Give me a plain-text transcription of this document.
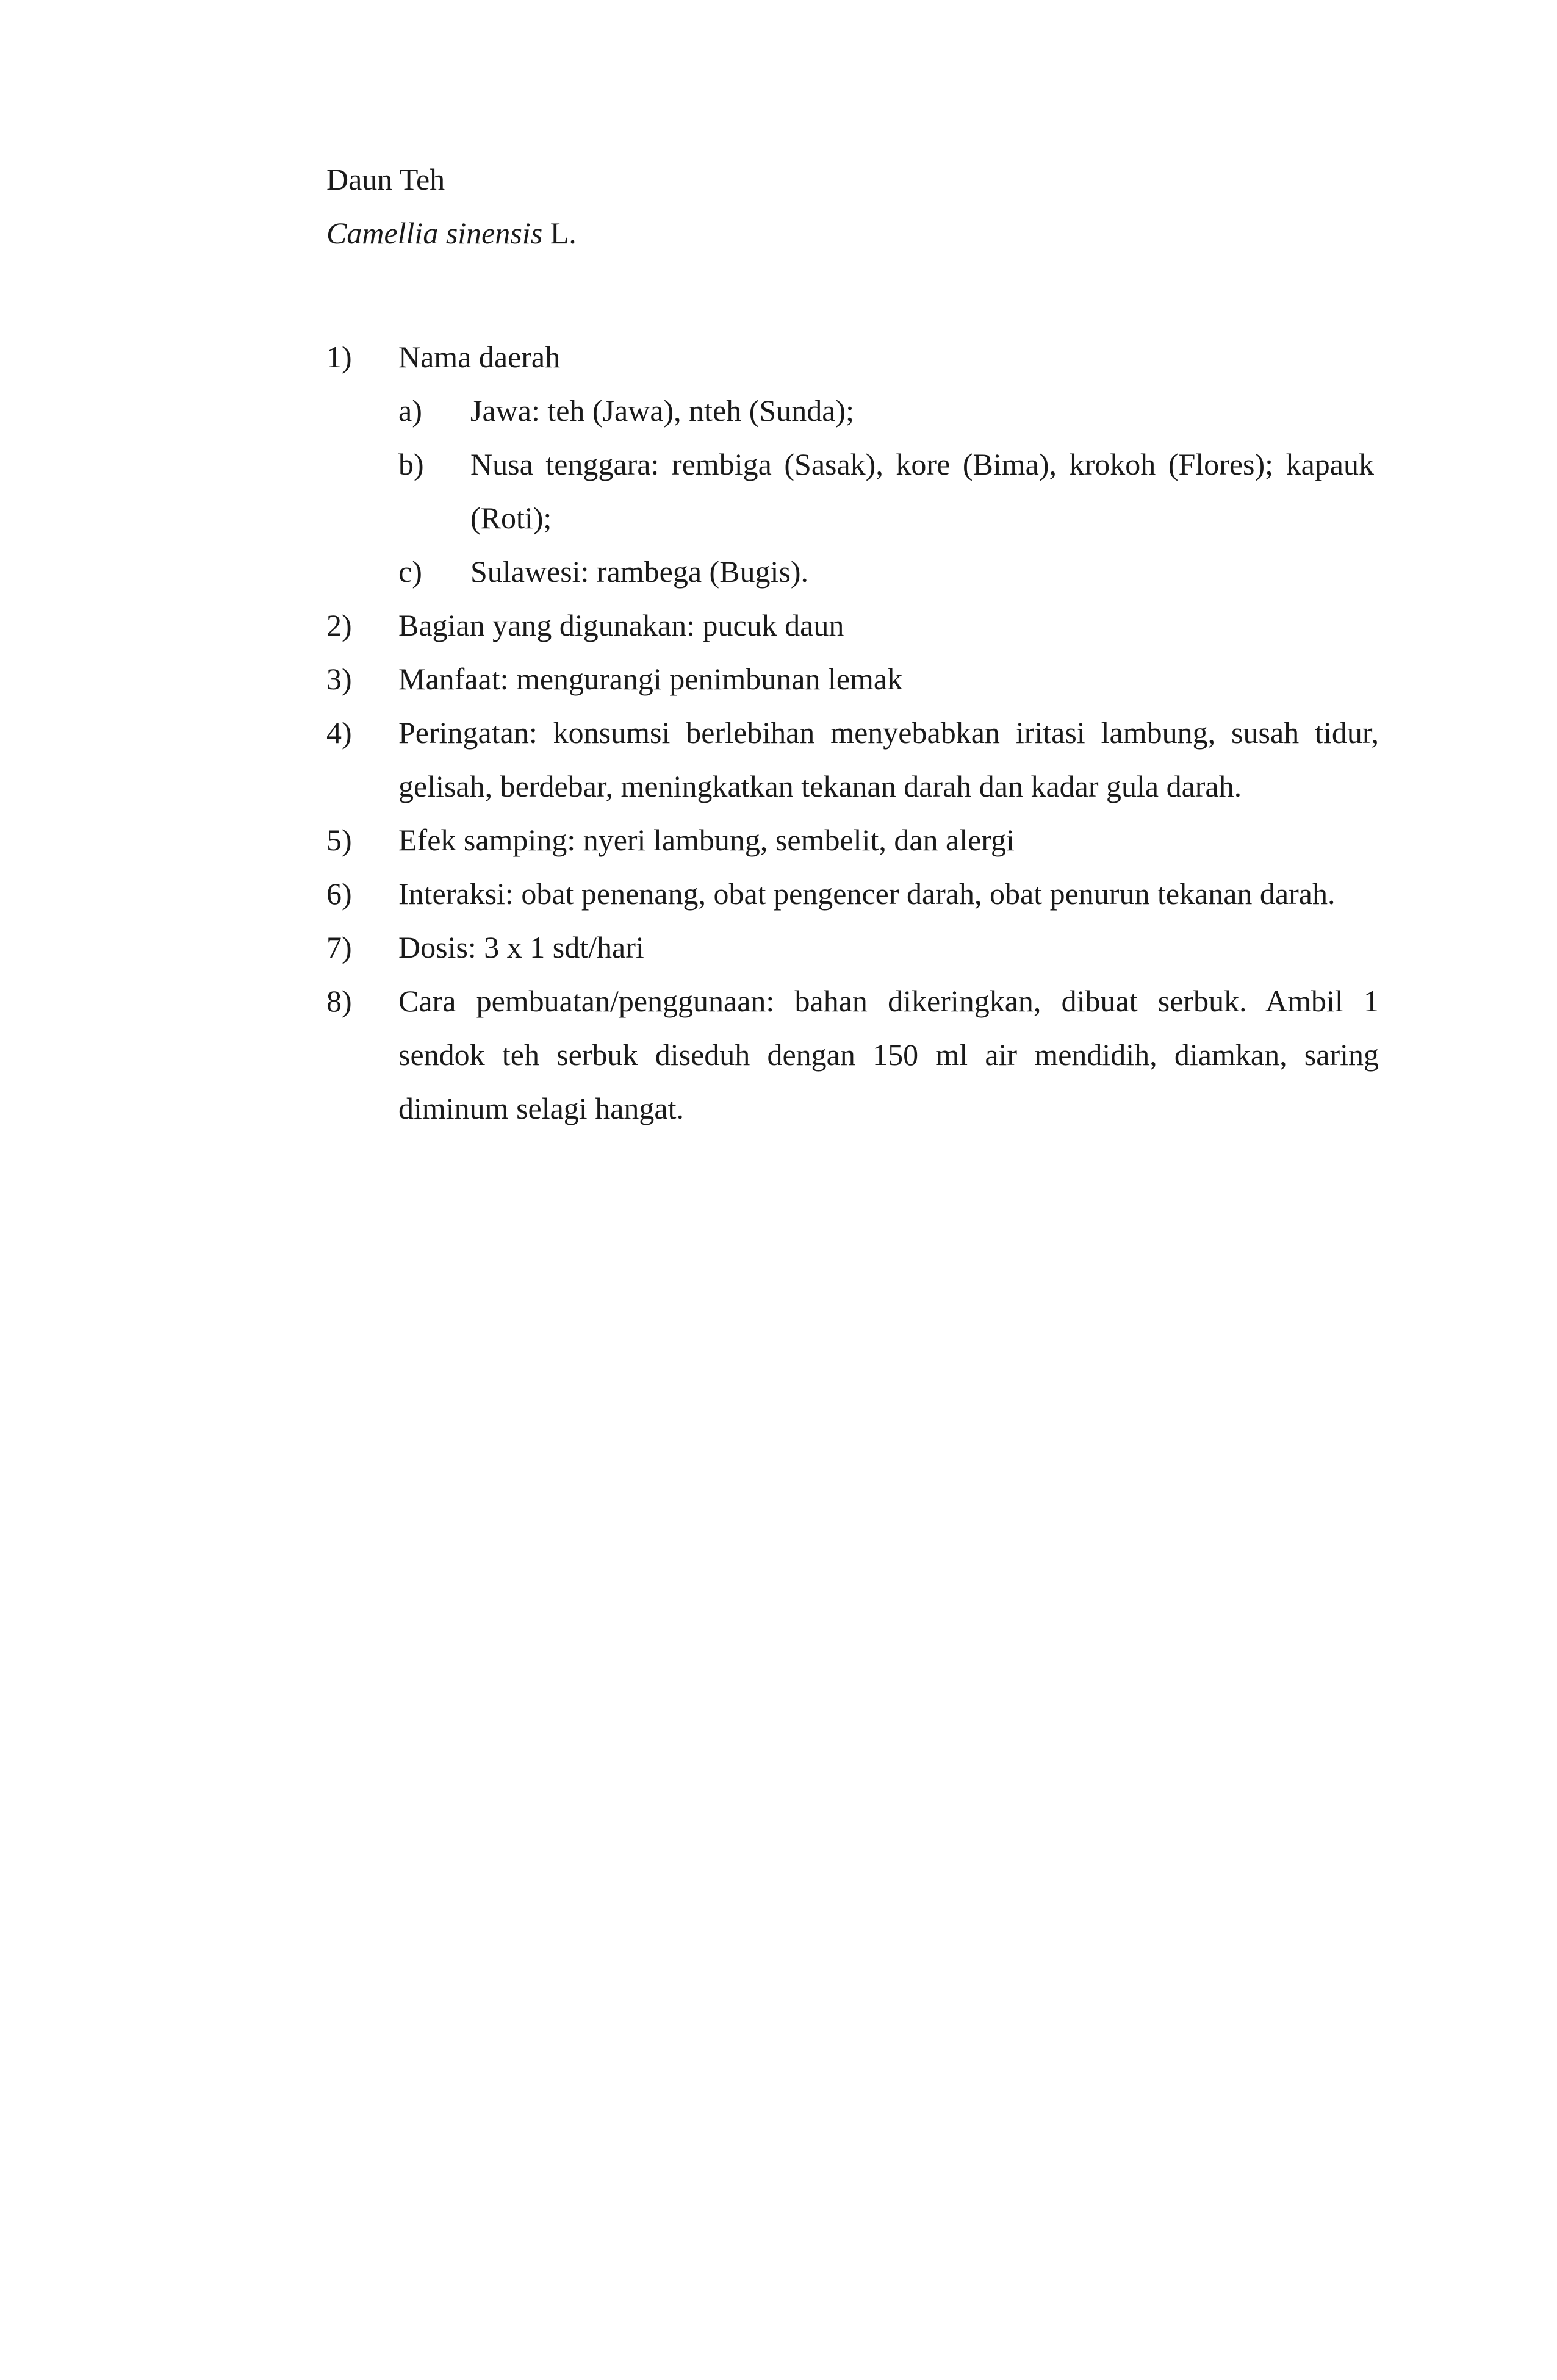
Daun Teh
Camellia sinensis L.
1) Nama daerah
a) Jawa: teh (Jawa), nteh (Sunda);
b) Nusa tenggara: rembiga (Sasak), kore (Bima), krokoh (Flores); kapauk (Roti);
c) Sulawesi: rambega (Bugis).
2) Bagian yang digunakan: pucuk daun
3) Manfaat: mengurangi penimbunan lemak
4) Peringatan: konsumsi berlebihan menyebabkan iritasi lambung, susah tidur, gelisah, berdebar, meningkatkan tekanan darah dan kadar gula darah.
5) Efek samping: nyeri lambung, sembelit, dan alergi
6) Interaksi: obat penenang, obat pengencer darah, obat penurun tekanan darah.
7) Dosis: 3 x 1 sdt/hari
8) Cara pembuatan/penggunaan: bahan dikeringkan, dibuat serbuk. Ambil 1 sendok teh serbuk diseduh dengan 150 ml air mendidih, diamkan, saring diminum selagi hangat.
